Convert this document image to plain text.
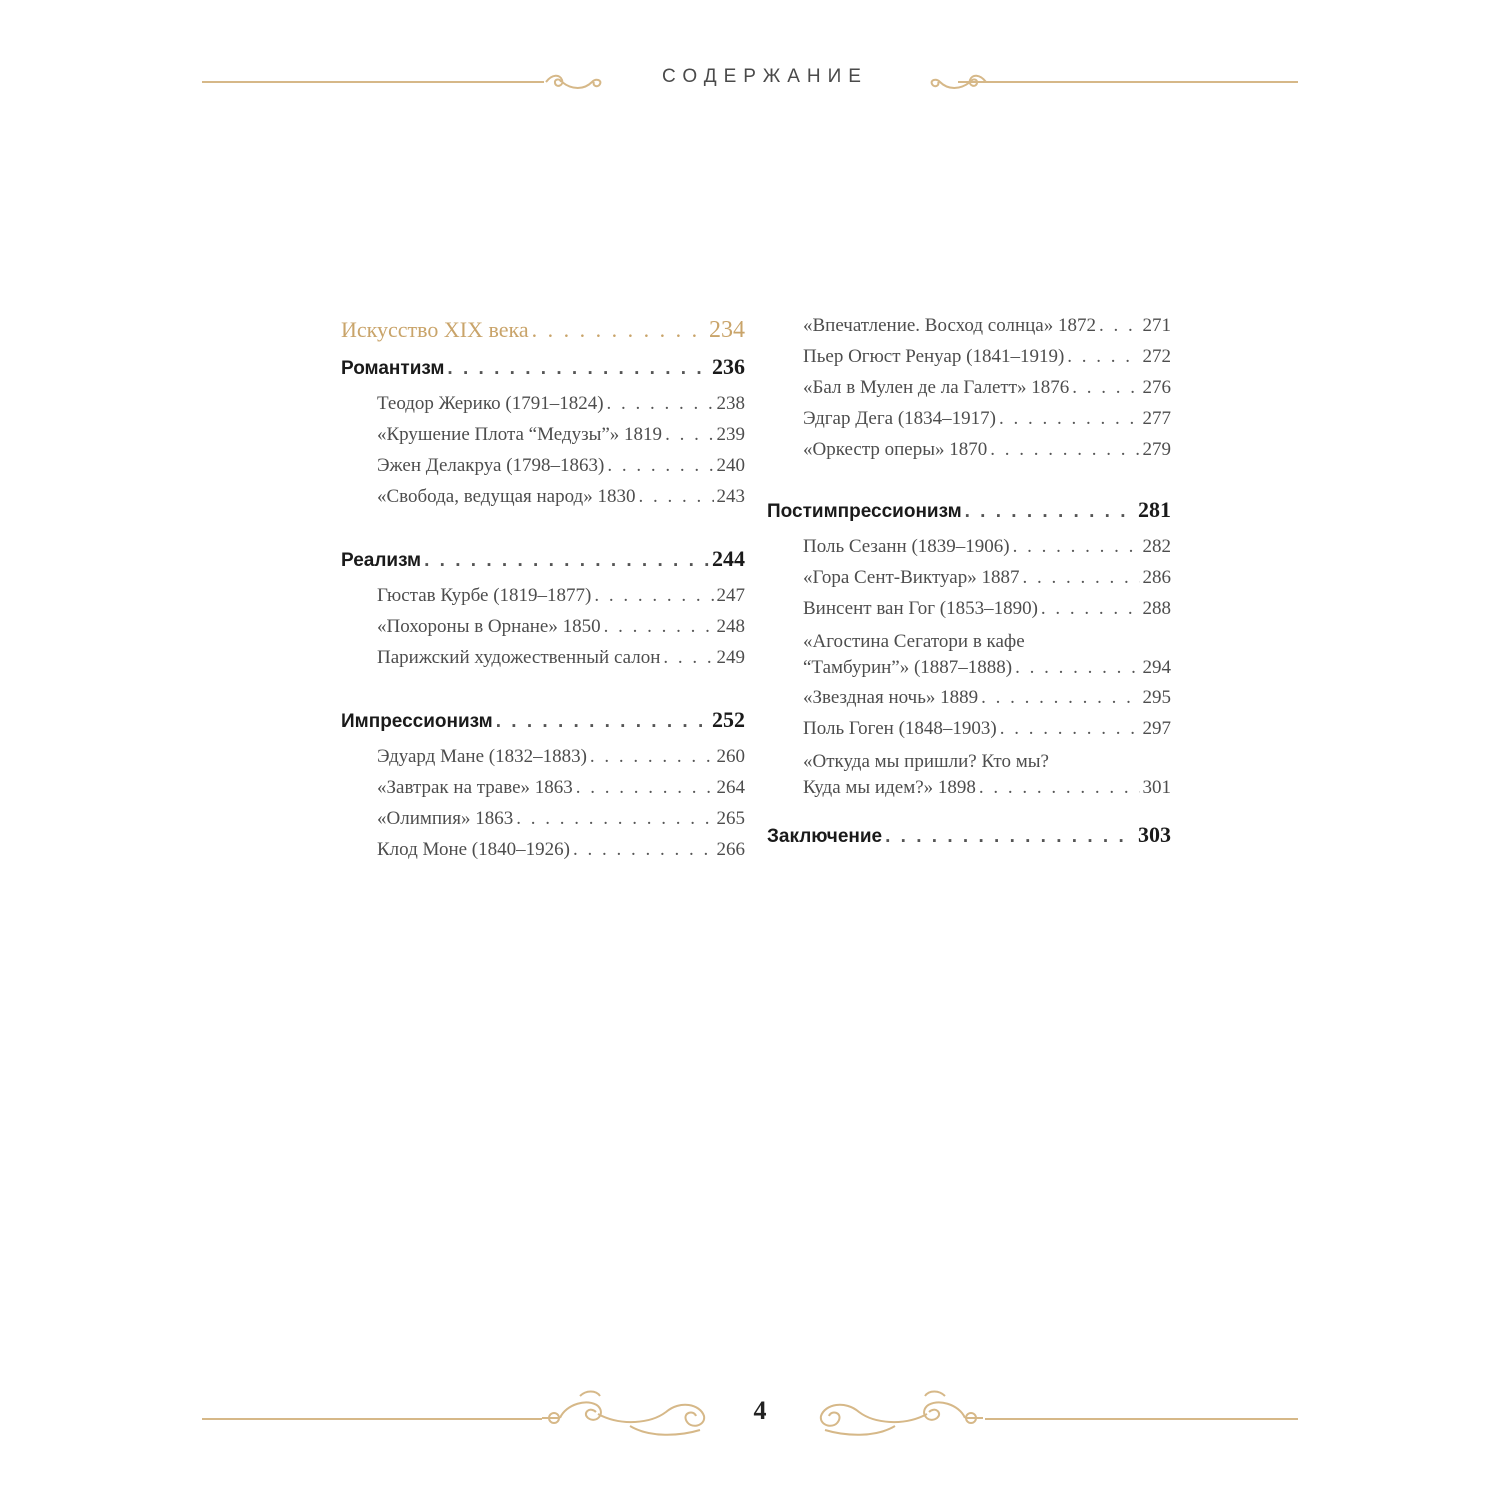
СОДЕРЖАНИЕ
Искусство XIX века . . .	234
Романтизм . . .	236
Теодор Жерико (1791–1824) . . .	238
«Крушение Плота “Медузы”» 1819 . . .	239
Эжен Делакруа (1798–1863) . . .	240
«Свобода, ведущая народ» 1830 . . .	243
Реализм . . .	244
Гюстав Курбе (1819–1877) . . .	247
«Похороны в Орнане» 1850 . . .	248
Парижский художественный салон . . .	249
Импрессионизм . . .	252
Эдуард Мане (1832–1883) . . .	260
«Завтрак на траве» 1863 . . .	264
«Олимпия» 1863 . . .	265
Клод Моне (1840–1926) . . .	266
«Впечатление. Восход солнца» 1872 . . . 271
Пьер Огюст Ренуар (1841–1919) . . .	272
«Бал в Мулен де ла Галетт» 1876 . . .	276
Эдгар Дега (1834–1917) . . .	277
«Оркестр оперы» 1870 . . .	279
Постимпрессионизм . . .	281
Поль Сезанн (1839–1906) . . .	282
«Гора Сент-Виктуар» 1887 . . .	286
Винсент ван Гог (1853–1890) . . .	288
«Агостина Сегатори в кафе
“Тамбурин”» (1887–1888) . . .	294
«Звездная ночь» 1889 . . .	295
Поль Гоген (1848–1903) . . .	297
«Откуда мы пришли? Кто мы?
Куда мы идем?» 1898 . . .	301
Заключение . . .	303
4
